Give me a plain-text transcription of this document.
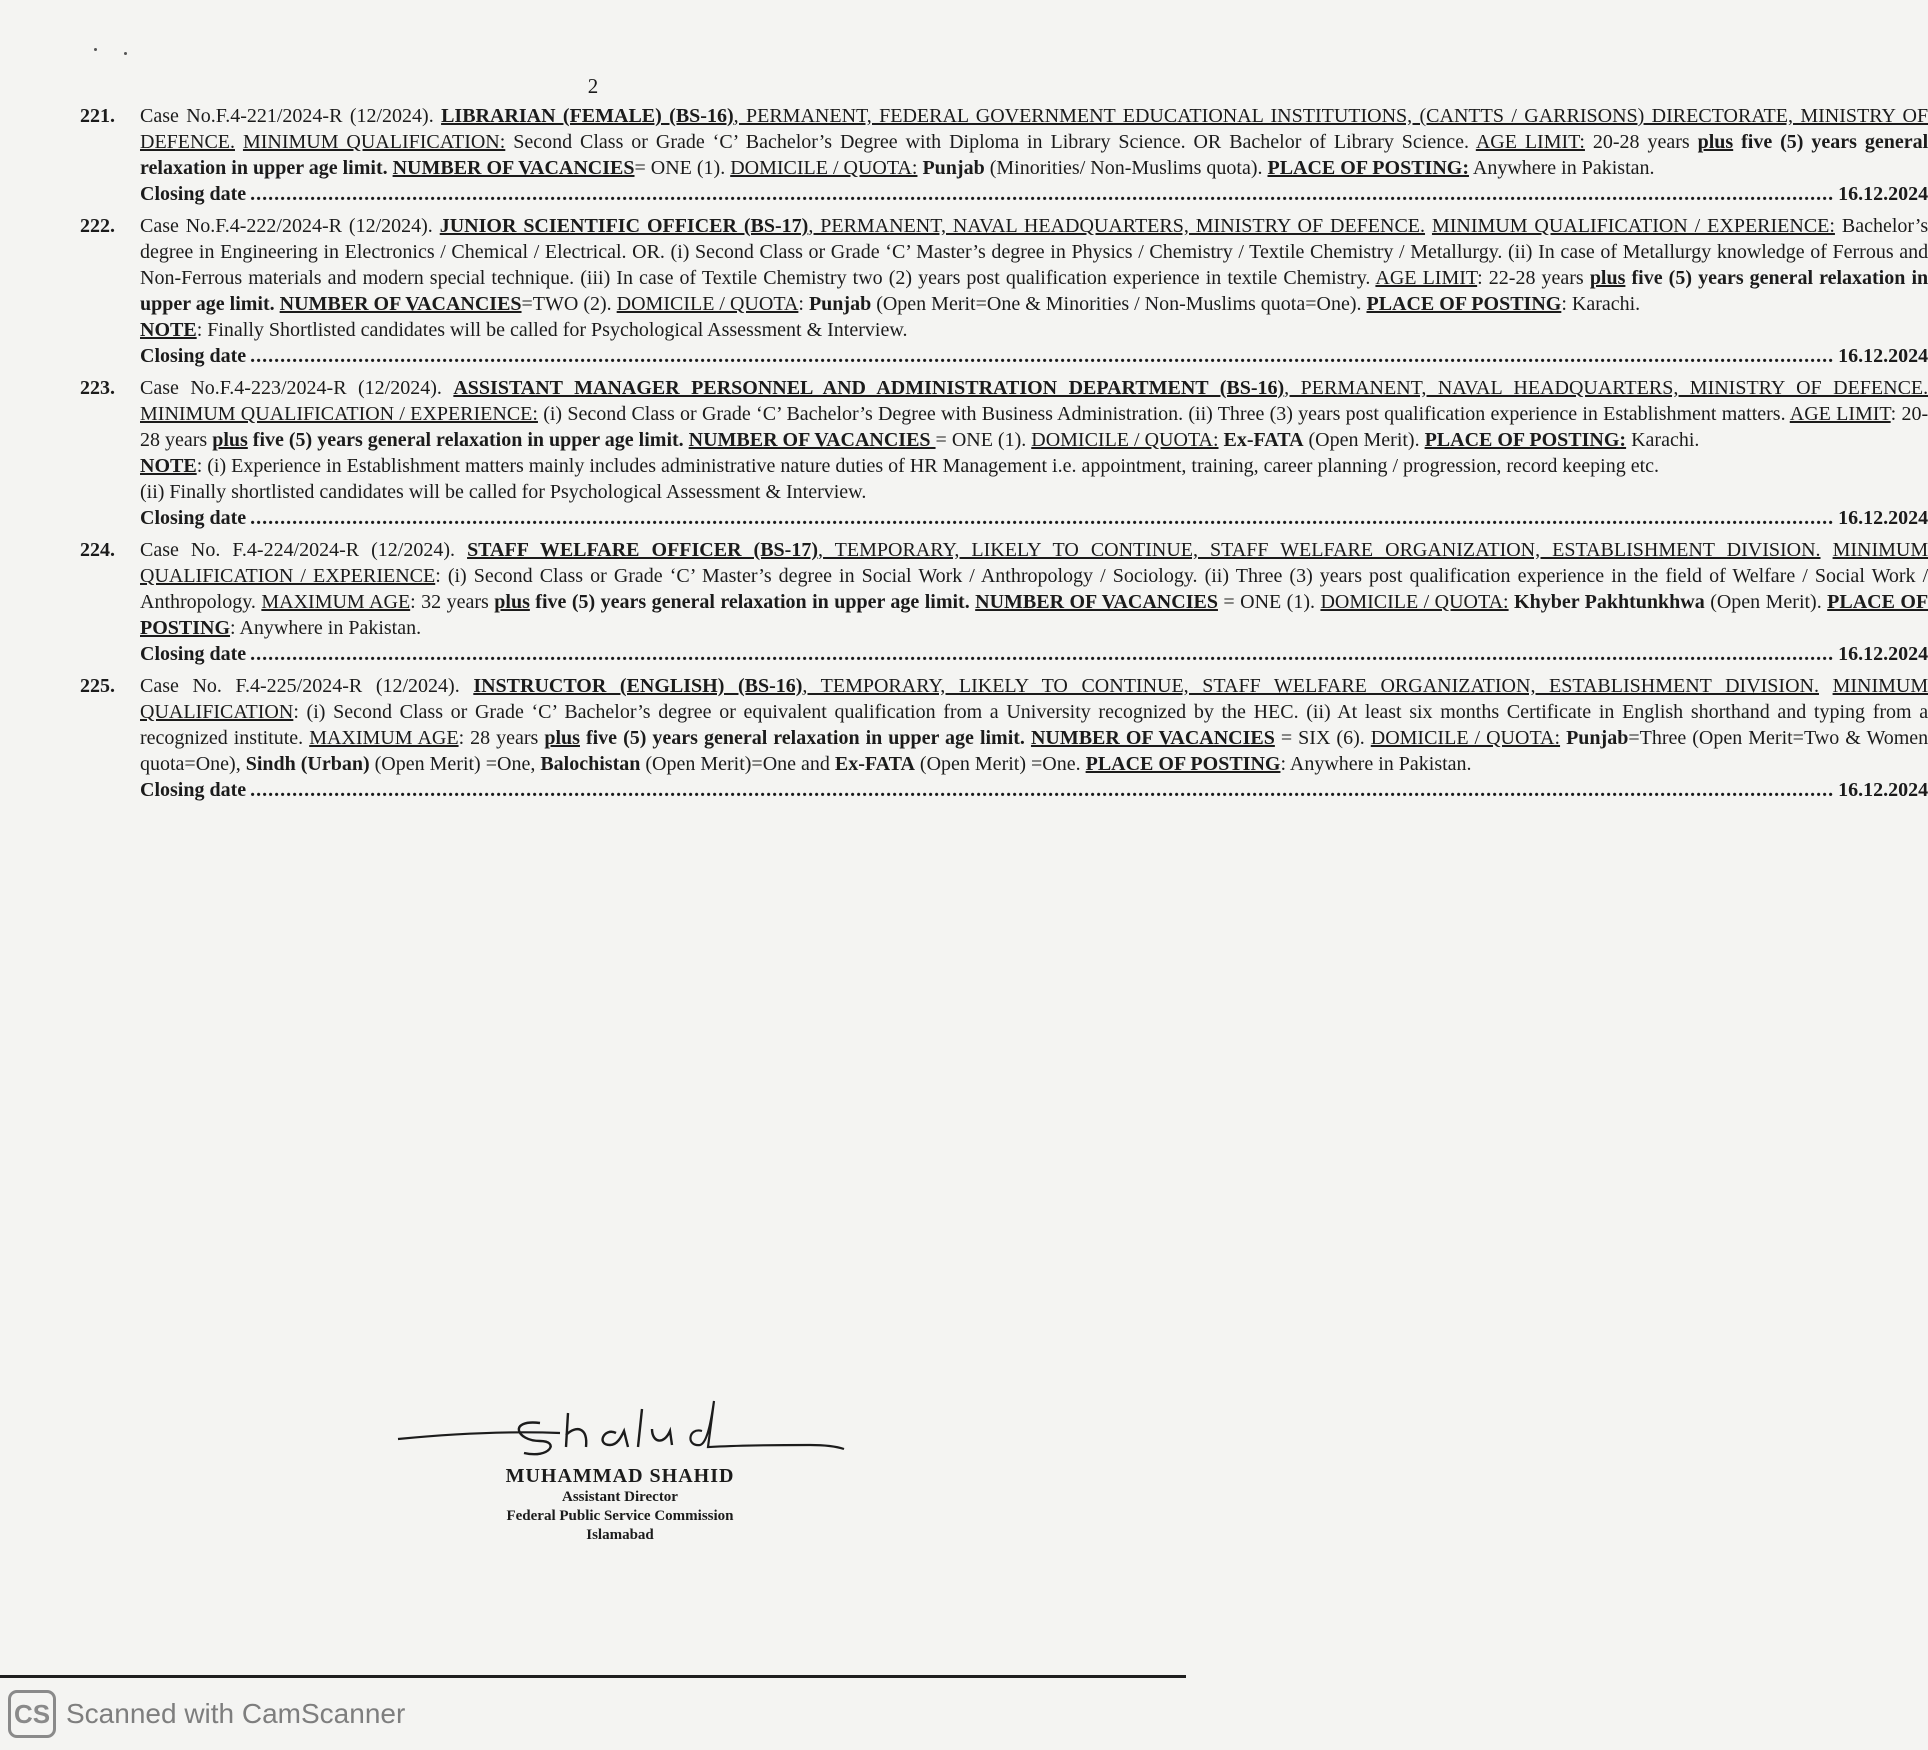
2
221.	Case No.F.4-221/2024-R (12/2024). LIBRARIAN (FEMALE) (BS-16), PERMANENT, FEDERAL GOVERNMENT EDUCATIONAL INSTITUTIONS, (CANTTS / GARRISONS) DIRECTORATE, MINISTRY OF DEFENCE. MINIMUM QUALIFICATION: Second Class or Grade ‘C’ Bachelor’s Degree with Diploma in Library Science. OR Bachelor of Library Science. AGE LIMIT: 20-28 years plus five (5) years general relaxation in upper age limit. NUMBER OF VACANCIES= ONE (1). DOMICILE / QUOTA: Punjab (Minorities/ Non-Muslims quota). PLACE OF POSTING: Anywhere in Pakistan.
Closing date .....	16.12.2024
222.	Case No.F.4-222/2024-R (12/2024). JUNIOR SCIENTIFIC OFFICER (BS-17), PERMANENT, NAVAL HEADQUARTERS, MINISTRY OF DEFENCE. MINIMUM QUALIFICATION / EXPERIENCE: Bachelor’s degree in Engineering in Electronics / Chemical / Electrical. OR. (i) Second Class or Grade ‘C’ Master’s degree in Physics / Chemistry / Textile Chemistry / Metallurgy. (ii) In case of Metallurgy knowledge of Ferrous and Non-Ferrous materials and modern special technique. (iii) In case of Textile Chemistry two (2) years post qualification experience in textile Chemistry. AGE LIMIT: 22-28 years plus five (5) years general relaxation in upper age limit. NUMBER OF VACANCIES=TWO (2). DOMICILE / QUOTA: Punjab (Open Merit=One & Minorities / Non-Muslims quota=One). PLACE OF POSTING: Karachi.
NOTE: Finally Shortlisted candidates will be called for Psychological Assessment & Interview.
Closing date .....	16.12.2024
223.	Case No.F.4-223/2024-R (12/2024). ASSISTANT MANAGER PERSONNEL AND ADMINISTRATION DEPARTMENT (BS-16), PERMANENT, NAVAL HEADQUARTERS, MINISTRY OF DEFENCE. MINIMUM QUALIFICATION / EXPERIENCE: (i) Second Class or Grade ‘C’ Bachelor’s Degree with Business Administration. (ii) Three (3) years post qualification experience in Establishment matters. AGE LIMIT: 20-28 years plus five (5) years general relaxation in upper age limit. NUMBER OF VACANCIES = ONE (1). DOMICILE / QUOTA: Ex-FATA (Open Merit). PLACE OF POSTING: Karachi.
NOTE: (i) Experience in Establishment matters mainly includes administrative nature duties of HR Management i.e. appointment, training, career planning / progression, record keeping etc.
(ii) Finally shortlisted candidates will be called for Psychological Assessment & Interview.
Closing date .....	16.12.2024
224.	Case No. F.4-224/2024-R (12/2024). STAFF WELFARE OFFICER (BS-17), TEMPORARY, LIKELY TO CONTINUE, STAFF WELFARE ORGANIZATION, ESTABLISHMENT DIVISION. MINIMUM QUALIFICATION / EXPERIENCE: (i) Second Class or Grade ‘C’ Master’s degree in Social Work / Anthropology / Sociology. (ii) Three (3) years post qualification experience in the field of Welfare / Social Work / Anthropology. MAXIMUM AGE: 32 years plus five (5) years general relaxation in upper age limit. NUMBER OF VACANCIES = ONE (1). DOMICILE / QUOTA: Khyber Pakhtunkhwa (Open Merit). PLACE OF POSTING: Anywhere in Pakistan.
Closing date .....	16.12.2024
225.	Case No. F.4-225/2024-R (12/2024). INSTRUCTOR (ENGLISH) (BS-16), TEMPORARY, LIKELY TO CONTINUE, STAFF WELFARE ORGANIZATION, ESTABLISHMENT DIVISION. MINIMUM QUALIFICATION: (i) Second Class or Grade ‘C’ Bachelor’s degree or equivalent qualification from a University recognized by the HEC. (ii) At least six months Certificate in English shorthand and typing from a recognized institute. MAXIMUM AGE: 28 years plus five (5) years general relaxation in upper age limit. NUMBER OF VACANCIES = SIX (6). DOMICILE / QUOTA: Punjab=Three (Open Merit=Two & Women quota=One), Sindh (Urban) (Open Merit) =One, Balochistan (Open Merit)=One and Ex-FATA (Open Merit) =One. PLACE OF POSTING: Anywhere in Pakistan.
Closing date .....	16.12.2024
MUHAMMAD SHAHID
Assistant Director
Federal Public Service Commission
Islamabad
CS Scanned with CamScanner
